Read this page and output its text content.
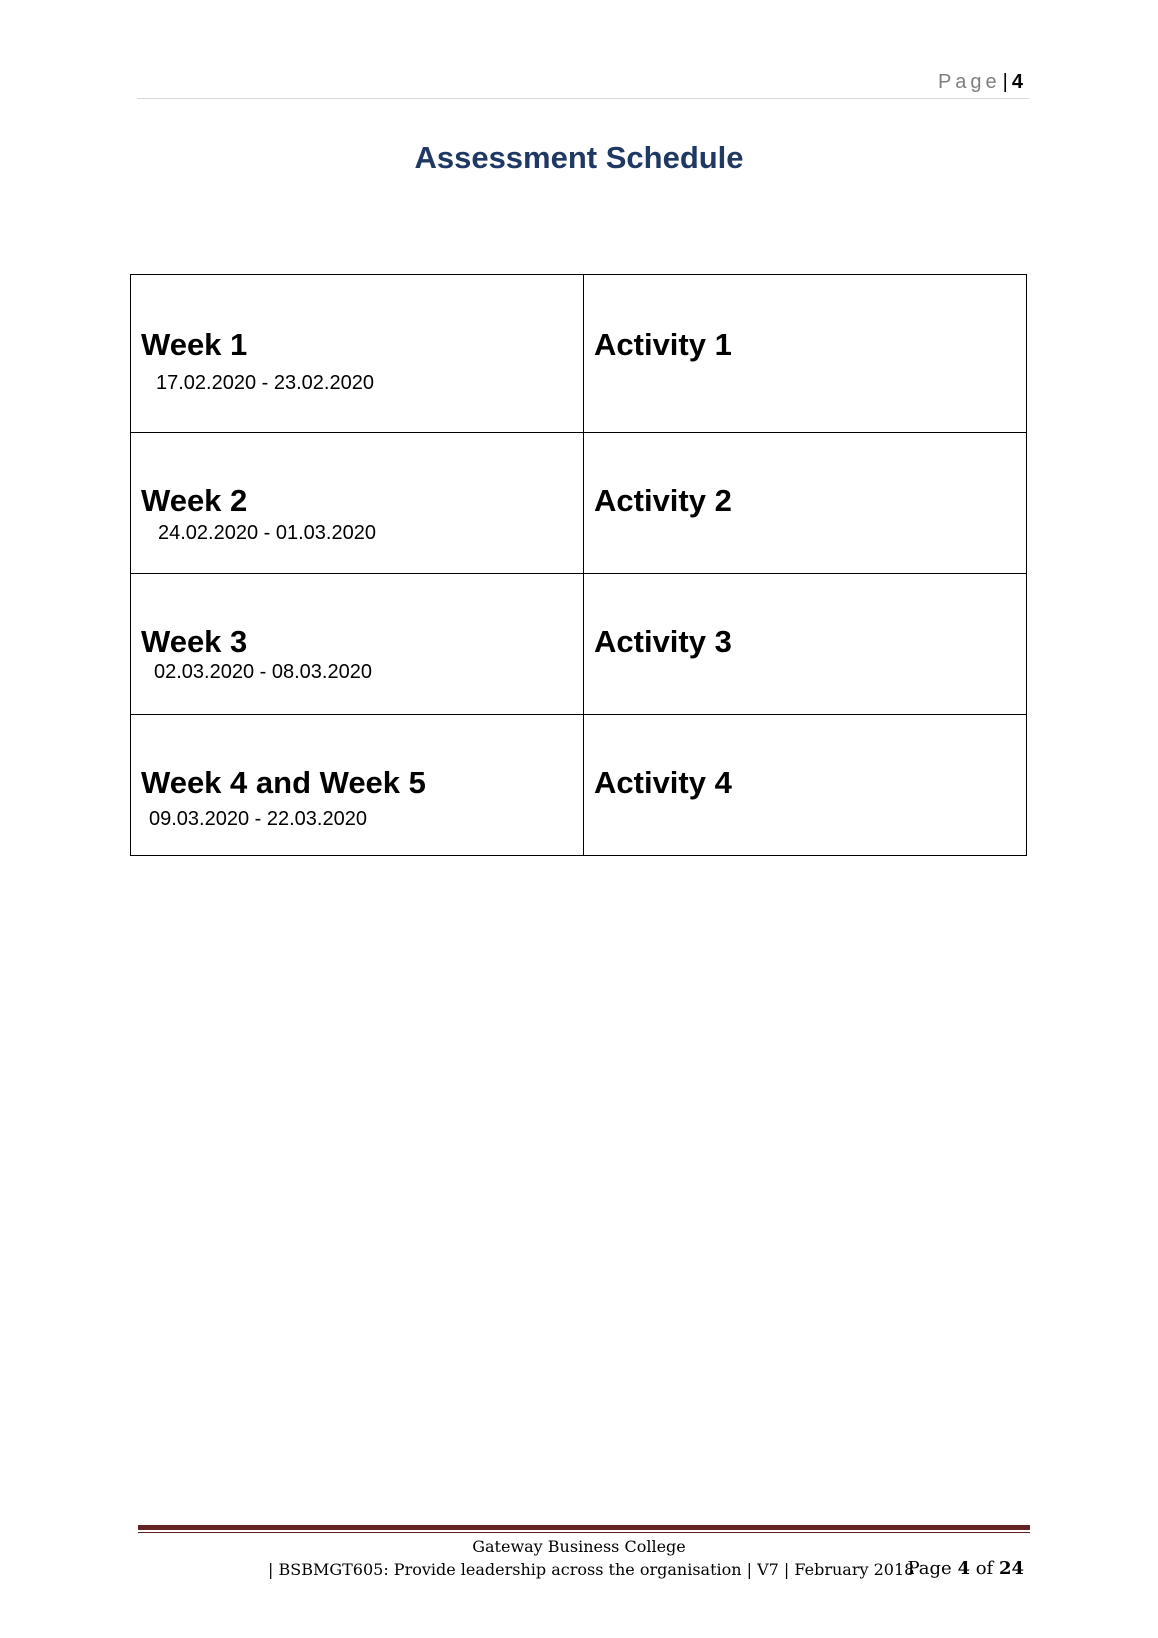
Page | 4
Assessment Schedule
Week 1
17.02.2020 - 23.02.2020	Activity 1

Week 2
24.02.2020 - 01.03.2020	Activity 2

Week 3
02.03.2020 - 08.03.2020	Activity 3

Week 4 and Week 5
09.03.2020 - 22.03.2020	Activity 4
Gateway Business College
| BSBMGT605: Provide leadership across the organisation | V7 | February 2018
Page 4 of 24
